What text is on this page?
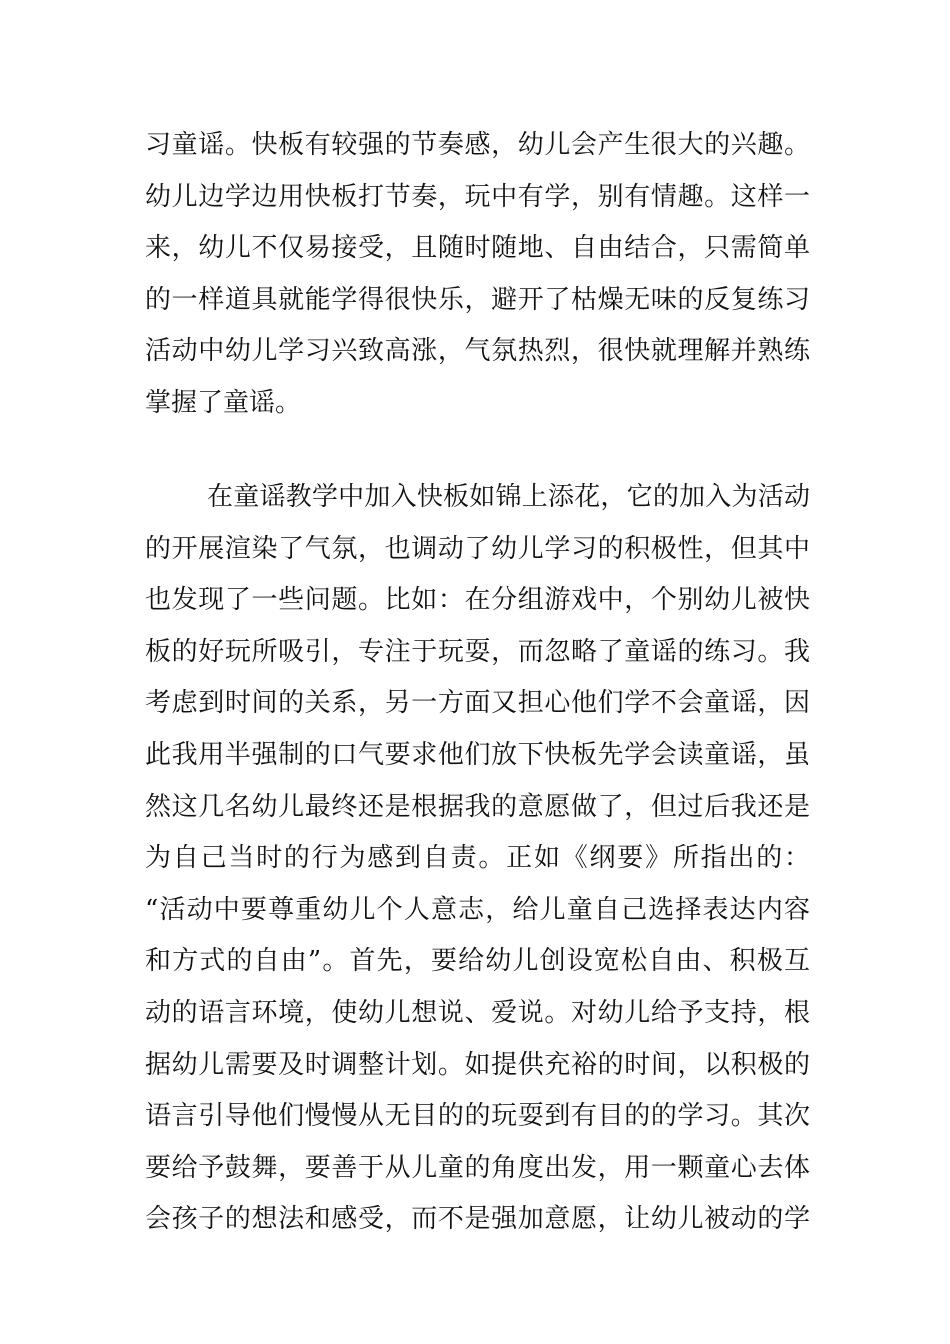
习童谣。快板有较强的节奏感，幼儿会产生很大的兴趣。
幼儿边学边用快板打节奏，玩中有学，别有情趣。这样一
来，幼儿不仅易接受，且随时随地、自由结合，只需简单
的一样道具就能学得很快乐，避开了枯燥无味的反复练习
活动中幼儿学习兴致高涨，气氛热烈，很快就理解并熟练
掌握了童谣。
在童谣教学中加入快板如锦上添花，它的加入为活动
的开展渲染了气氛，也调动了幼儿学习的积极性，但其中
也发现了一些问题。比如：在分组游戏中，个别幼儿被快
板的好玩所吸引，专注于玩耍，而忽略了童谣的练习。我
考虑到时间的关系，另一方面又担心他们学不会童谣，因
此我用半强制的口气要求他们放下快板先学会读童谣，虽
然这几名幼儿最终还是根据我的意愿做了，但过后我还是
为自己当时的行为感到自责。正如《纲要》所指出的：
“活动中要尊重幼儿个人意志，给儿童自己选择表达内容
和方式的自由”。首先，要给幼儿创设宽松自由、积极互
动的语言环境，使幼儿想说、爱说。对幼儿给予支持，根
据幼儿需要及时调整计划。如提供充裕的时间，以积极的
语言引导他们慢慢从无目的的玩耍到有目的的学习。其次
要给予鼓舞，要善于从儿童的角度出发，用一颗童心去体
会孩子的想法和感受，而不是强加意愿，让幼儿被动的学
